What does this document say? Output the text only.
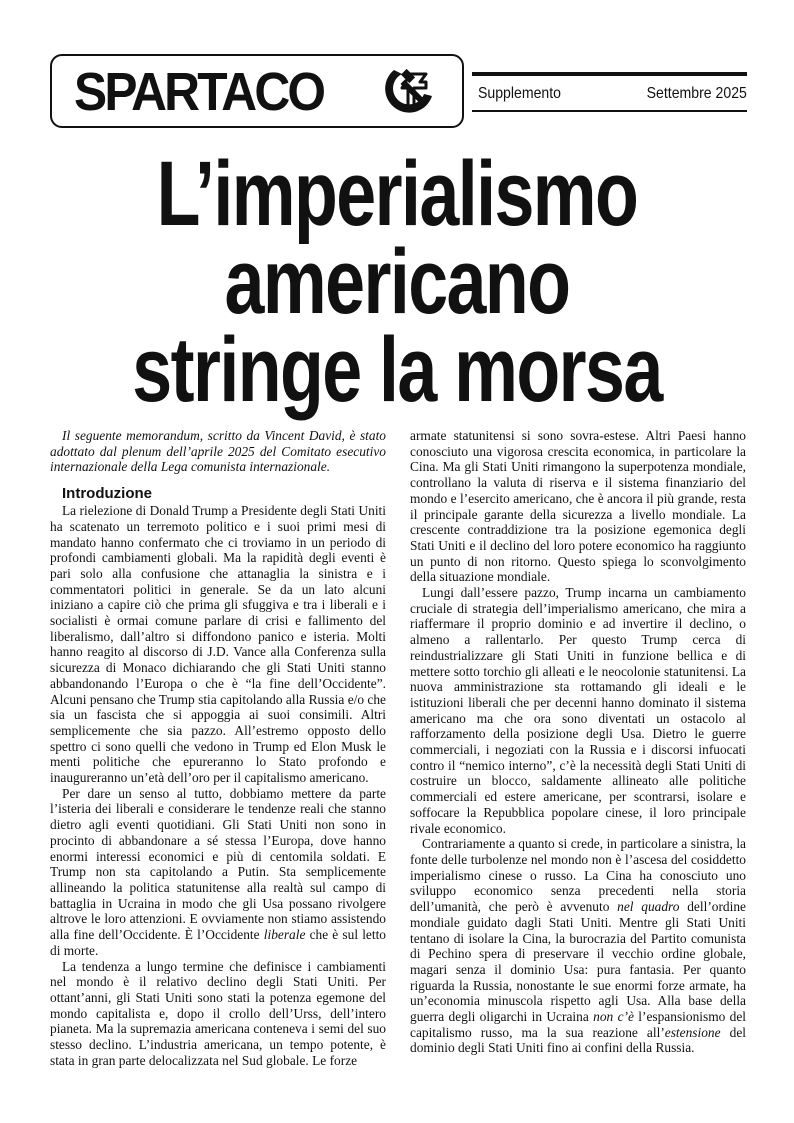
SPARTACO	Supplemento	Settembre 2025
L’imperialismo
americano
stringe la morsa

Il seguente memorandum, scritto da Vincent David, è stato adottato dal plenum dell’aprile 2025 del Comitato esecutivo internazionale della Lega comunista internazionale.

Introduzione

La rielezione di Donald Trump a Presidente degli Stati Uniti ha scatenato un terremoto politico e i suoi primi mesi di mandato hanno confermato che ci troviamo in un periodo di profondi cambiamenti globali. Ma la rapidità degli eventi è pari solo alla confusione che attanaglia la sinistra e i commentatori politici in generale. Se da un lato alcuni iniziano a capire ciò che prima gli sfuggiva e tra i liberali e i socialisti è ormai comune parlare di crisi e fallimento del liberalismo, dall’altro si diffondono panico e isteria. Molti hanno reagito al discorso di J.D. Vance alla Conferenza sulla sicurezza di Monaco dichiarando che gli Stati Uniti stanno abbandonando l’Europa o che è “la fine dell’Occidente”. Alcuni pensano che Trump stia capitolando alla Russia e/o che sia un fascista che si appoggia ai suoi consimili. Altri semplicemente che sia pazzo. All’estremo opposto dello spettro ci sono quelli che vedono in Trump ed Elon Musk le menti politiche che epureranno lo Stato profondo e inaugureranno un’età dell’oro per il capitalismo americano.

Per dare un senso al tutto, dobbiamo mettere da parte l’isteria dei liberali e considerare le tendenze reali che stanno dietro agli eventi quotidiani. Gli Stati Uniti non sono in procinto di abbandonare a sé stessa l’Europa, dove hanno enormi interessi economici e più di centomila soldati. E Trump non sta capitolando a Putin. Sta semplicemente allineando la politica statunitense alla realtà sul campo di battaglia in Ucraina in modo che gli Usa possano rivolgere altrove le loro attenzioni. E ovviamente non stiamo assistendo alla fine dell’Occidente. È l’Occidente liberale che è sul letto di morte.

La tendenza a lungo termine che definisce i cambiamenti nel mondo è il relativo declino degli Stati Uniti. Per ottant’anni, gli Stati Uniti sono stati la potenza egemone del mondo capitalista e, dopo il crollo dell’Urss, dell’intero pianeta. Ma la supremazia americana conteneva i semi del suo stesso declino. L’industria americana, un tempo potente, è stata in gran parte delocalizzata nel Sud globale. Le forze

armate statunitensi si sono sovra-estese. Altri Paesi hanno conosciuto una vigorosa crescita economica, in particolare la Cina. Ma gli Stati Uniti rimangono la superpotenza mondiale, controllano la valuta di riserva e il sistema finanziario del mondo e l’esercito americano, che è ancora il più grande, resta il principale garante della sicurezza a livello mondiale. La crescente contraddizione tra la posizione egemonica degli Stati Uniti e il declino del loro potere economico ha raggiunto un punto di non ritorno. Questo spiega lo sconvolgimento della situazione mondiale.

Lungi dall’essere pazzo, Trump incarna un cambiamento cruciale di strategia dell’imperialismo americano, che mira a riaffermare il proprio dominio e ad invertire il declino, o almeno a rallentarlo. Per questo Trump cerca di reindustrializzare gli Stati Uniti in funzione bellica e di mettere sotto torchio gli alleati e le neocolonie statunitensi. La nuova amministrazione sta rottamando gli ideali e le istituzioni liberali che per decenni hanno dominato il sistema americano ma che ora sono diventati un ostacolo al rafforzamento della posizione degli Usa. Dietro le guerre commerciali, i negoziati con la Russia e i discorsi infuocati contro il “nemico interno”, c’è la necessità degli Stati Uniti di costruire un blocco, saldamente allineato alle politiche commerciali ed estere americane, per scontrarsi, isolare e soffocare la Repubblica popolare cinese, il loro principale rivale economico.

Contrariamente a quanto si crede, in particolare a sinistra, la fonte delle turbolenze nel mondo non è l’ascesa del cosiddetto imperialismo cinese o russo. La Cina ha conosciuto uno sviluppo economico senza precedenti nella storia dell’umanità, che però è avvenuto nel quadro dell’ordine mondiale guidato dagli Stati Uniti. Mentre gli Stati Uniti tentano di isolare la Cina, la burocrazia del Partito comunista di Pechino spera di preservare il vecchio ordine globale, magari senza il dominio Usa: pura fantasia. Per quanto riguarda la Russia, nonostante le sue enormi forze armate, ha un’economia minuscola rispetto agli Usa. Alla base della guerra degli oligarchi in Ucraina non c’è l’espansionismo del capitalismo russo, ma la sua reazione all’estensione del dominio degli Stati Uniti fino ai confini della Russia.
